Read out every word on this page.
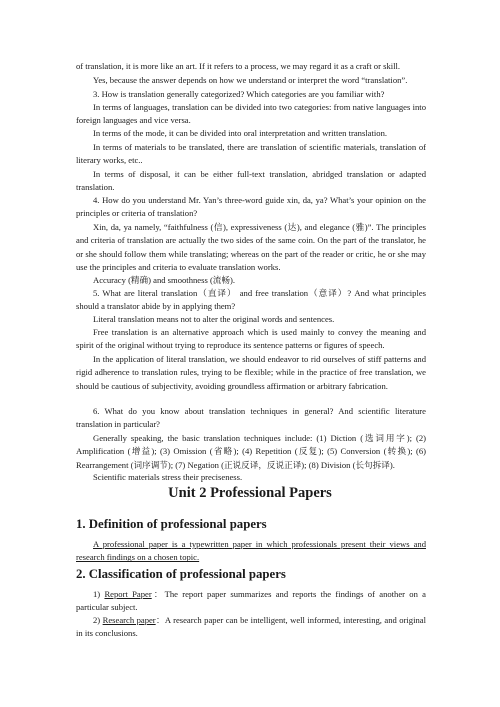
of translation, it is more like an art. If it refers to a process, we may regard it as a craft or skill.

Yes, because the answer depends on how we understand or interpret the word “translation”.

3. How is translation generally categorized? Which categories are you familiar with?

In terms of languages, translation can be divided into two categories: from native languages into foreign languages and vice versa.

In terms of the mode, it can be divided into oral interpretation and written translation.

In terms of materials to be translated, there are translation of scientific materials, translation of literary works, etc..

In terms of disposal, it can be either full-text translation, abridged translation or adapted translation.

4. How do you understand Mr. Yan’s three-word guide xin, da, ya? What’s your opinion on the principles or criteria of translation?

Xin, da, ya namely, “faithfulness (信), expressiveness (达), and elegance (雅)”. The principles and criteria of translation are actually the two sides of the same coin. On the part of the translator, he or she should follow them while translating; whereas on the part of the reader or critic, he or she may use the principles and criteria to evaluate translation works.

Accuracy (精确) and smoothness (流畅).

5. What are literal translation（直译） and free translation（意译）? And what principles should a translator abide by in applying them?

Literal translation means not to alter the original words and sentences.

Free translation is an alternative approach which is used mainly to convey the meaning and spirit of the original without trying to reproduce its sentence patterns or figures of speech.

In the application of literal translation, we should endeavor to rid ourselves of stiff patterns and rigid adherence to translation rules, trying to be flexible; while in the practice of free translation, we should be cautious of subjectivity, avoiding groundless affirmation or arbitrary fabrication.

6. What do you know about translation techniques in general? And scientific literature translation in particular?

Generally speaking, the basic translation techniques include: (1) Diction (选词用字); (2) Amplification (增益); (3) Omission (省略); (4) Repetition (反复); (5) Conversion (转换); (6) Rearrangement (词序调节); (7) Negation (正说反译，反说正译); (8) Division (长句拆译).

Scientific materials stress their preciseness.

Unit 2 Professional Papers
1. Definition of professional papers

A professional paper is a typewritten paper in which professionals present their views and research findings on a chosen topic.

2. Classification of professional papers

1) Report Paper：The report paper summarizes and reports the findings of another on a particular subject.

2) Research paper：A research paper can be intelligent, well informed, interesting, and original in its conclusions.
